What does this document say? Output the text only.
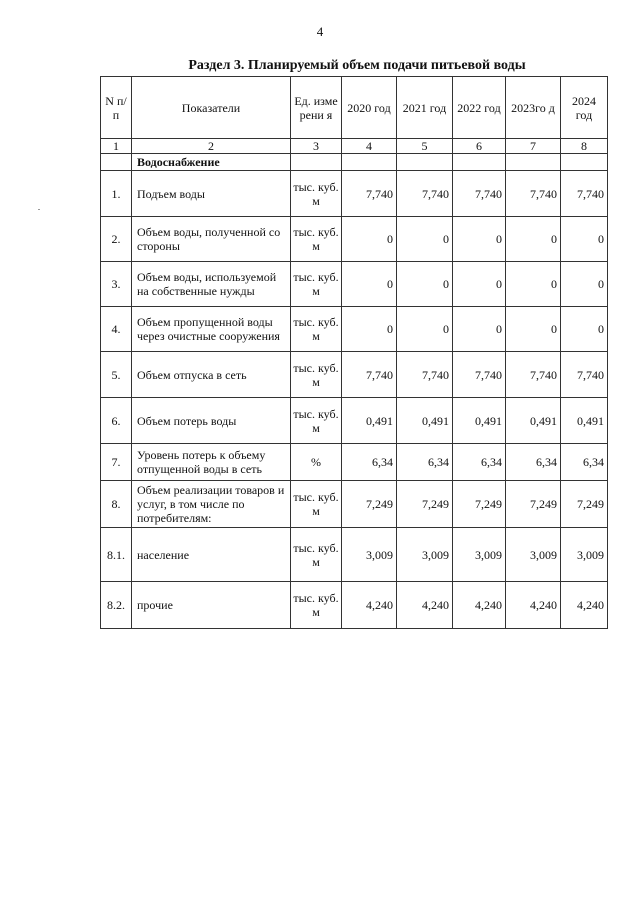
4
Раздел 3. Планируемый объем подачи питьевой воды
N п/п	Показатели	Ед. изме рени я	2020 год	2021 год	2022 год	2023го д	2024 год
1	2	3	4	5	6	7	8
	Водоснабжение						
1.	Подъем воды	тыс. куб. м	7,740	7,740	7,740	7,740	7,740
2.	Объем воды, полученной со стороны	тыс. куб. м	0	0	0	0	0
3.	Объем воды, используемой на собственные нужды	тыс. куб. м	0	0	0	0	0
4.	Объем пропущенной воды через очистные сооружения	тыс. куб. м	0	0	0	0	0
5.	Объем отпуска в сеть	тыс. куб. м	7,740	7,740	7,740	7,740	7,740
6.	Объем потерь воды	тыс. куб. м	0,491	0,491	0,491	0,491	0,491
7.	Уровень потерь к объему отпущенной воды в сеть	%	6,34	6,34	6,34	6,34	6,34
8.	Объем реализации товаров и услуг, в том числе по потребителям:	тыс. куб. м	7,249	7,249	7,249	7,249	7,249
8.1.	население	тыс. куб. м	3,009	3,009	3,009	3,009	3,009
8.2.	прочие	тыс. куб. м	4,240	4,240	4,240	4,240	4,240
